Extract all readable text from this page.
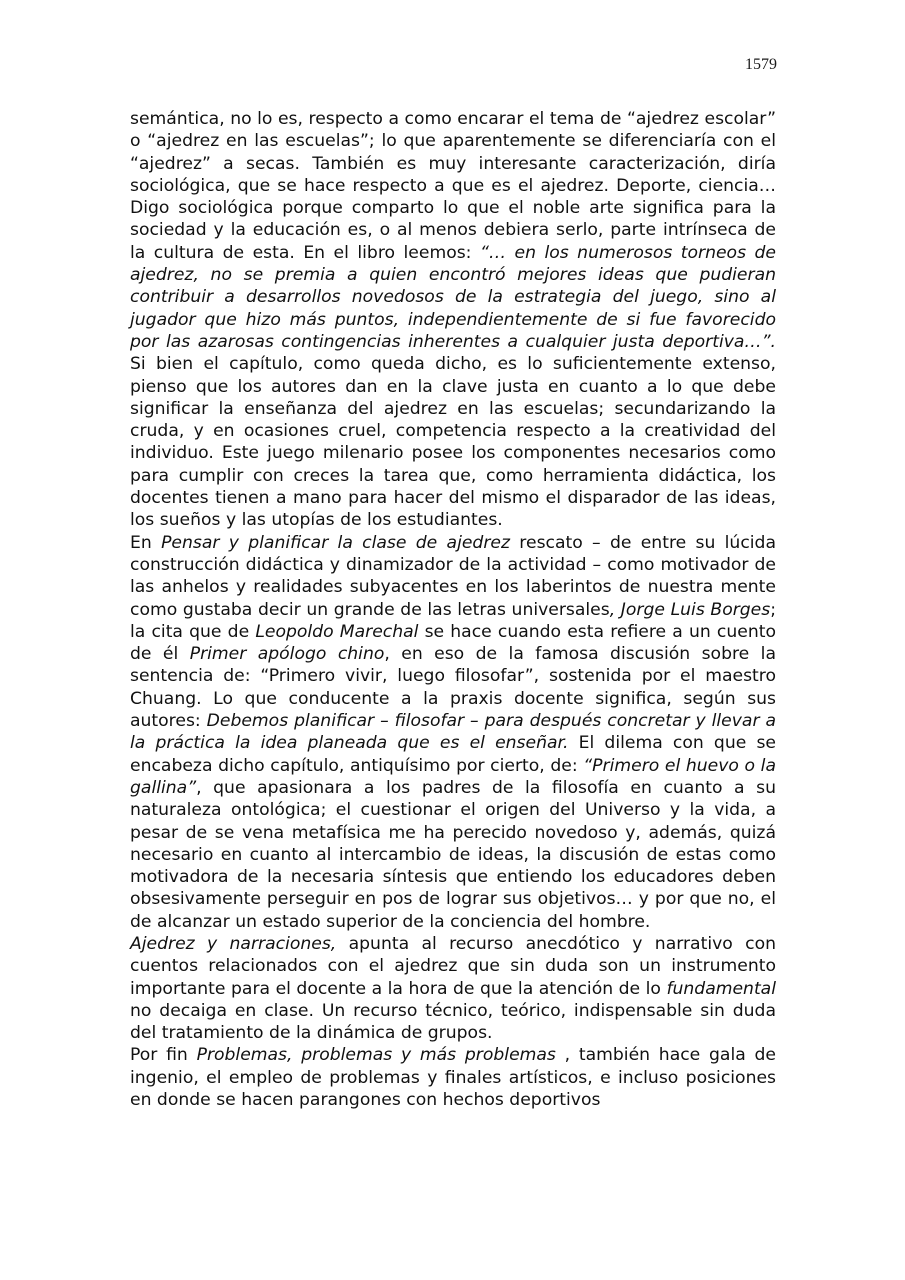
1579

semántica, no lo es, respecto a como encarar el tema de “ajedrez escolar” o “ajedrez en las escuelas”; lo que aparentemente se diferenciaría con el “ajedrez” a secas. También es muy interesante caracterización, diría sociológica, que se hace respecto a que es el ajedrez. Deporte, ciencia… Digo sociológica porque comparto lo que el noble arte significa para la sociedad y la educación es, o al menos debiera serlo, parte intrínseca de la cultura de esta. En el libro leemos: “… en los numerosos torneos de ajedrez, no se premia a quien encontró mejores ideas que pudieran contribuir a desarrollos novedosos de la estrategia del juego, sino al jugador que hizo más puntos, independientemente de si fue favorecido por las azarosas contingencias inherentes a cualquier justa deportiva…”. Si bien el capítulo, como queda dicho, es lo suficientemente extenso, pienso que los autores dan en la clave justa en cuanto a lo que debe significar la enseñanza del ajedrez en las escuelas; secundarizando la cruda, y en ocasiones cruel, competencia respecto a la creatividad del individuo. Este juego milenario posee los componentes necesarios como para cumplir con creces la tarea que, como herramienta didáctica, los docentes tienen a mano para hacer del mismo el disparador de las ideas, los sueños y las utopías de los estudiantes.

En Pensar y planificar la clase de ajedrez rescato – de entre su lúcida construcción didáctica y dinamizador de la actividad – como motivador de las anhelos y realidades subyacentes en los laberintos de nuestra mente como gustaba decir un grande de las letras universales, Jorge Luis Borges; la cita que de Leopoldo Marechal se hace cuando esta refiere a un cuento de él Primer apólogo chino, en eso de la famosa discusión sobre la sentencia de: “Primero vivir, luego filosofar”, sostenida por el maestro Chuang. Lo que conducente a la praxis docente significa, según sus autores: Debemos planificar – filosofar – para después concretar y llevar a la práctica la idea planeada que es el enseñar. El dilema con que se encabeza dicho capítulo, antiquísimo por cierto, de: “Primero el huevo o la gallina”, que apasionara a los padres de la filosofía en cuanto a su naturaleza ontológica; el cuestionar el origen del Universo y la vida, a pesar de se vena metafísica me ha perecido novedoso y, además, quizá necesario en cuanto al intercambio de ideas, la discusión de estas como motivadora de la necesaria síntesis que entiendo los educadores deben obsesivamente perseguir en pos de lograr sus objetivos… y por que no, el de alcanzar un estado superior de la conciencia del hombre.

Ajedrez y narraciones, apunta al recurso anecdótico y narrativo con cuentos relacionados con el ajedrez que sin duda son un instrumento importante para el docente a la hora de que la atención de lo fundamental no decaiga en clase. Un recurso técnico, teórico, indispensable sin duda del tratamiento de la dinámica de grupos.

Por fin Problemas, problemas y más problemas , también hace gala de ingenio, el empleo de problemas y finales artísticos, e incluso posiciones en donde se hacen parangones con hechos deportivos
